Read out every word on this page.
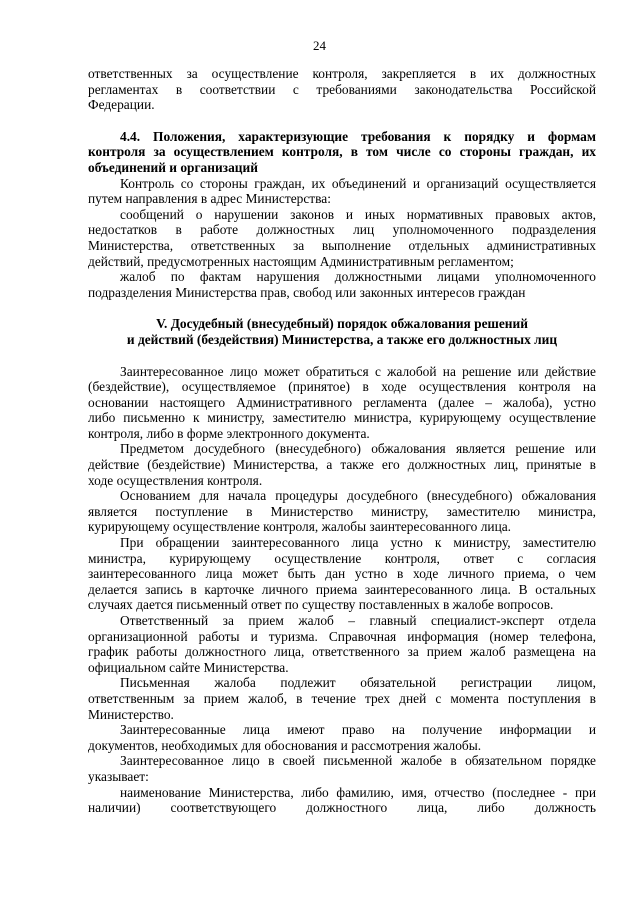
24
ответственных за осуществление контроля, закрепляется в их должностных
регламентах в соответствии с требованиями законодательства Российской
Федерации.
4.4. Положения, характеризующие требования к порядку и формам
контроля за осуществлением контроля, в том числе со стороны граждан, их
объединений и организаций
Контроль со стороны граждан, их объединений и организаций осуществляется
путем направления в адрес Министерства:
сообщений о нарушении законов и иных нормативных правовых актов,
недостатков в работе должностных лиц уполномоченного подразделения
Министерства, ответственных за выполнение отдельных административных
действий, предусмотренных настоящим Административным регламентом;
жалоб по фактам нарушения должностными лицами уполномоченного
подразделения Министерства прав, свобод или законных интересов граждан
V. Досудебный (внесудебный) порядок обжалования решений
и действий (бездействия) Министерства, а также его должностных лиц
Заинтересованное лицо может обратиться с жалобой на решение или действие
(бездействие), осуществляемое (принятое) в ходе осуществления контроля на
основании настоящего Административного регламента (далее – жалоба), устно
либо письменно к министру, заместителю министра, курирующему осуществление
контроля, либо в форме электронного документа.
Предметом досудебного (внесудебного) обжалования является решение или
действие (бездействие) Министерства, а также его должностных лиц, принятые в
ходе осуществления контроля.
Основанием для начала процедуры досудебного (внесудебного) обжалования
является поступление в Министерство министру, заместителю министра,
курирующему осуществление контроля, жалобы заинтересованного лица.
При обращении заинтересованного лица устно к министру, заместителю
министра, курирующему осуществление контроля, ответ с согласия
заинтересованного лица может быть дан устно в ходе личного приема, о чем
делается запись в карточке личного приема заинтересованного лица. В остальных
случаях дается письменный ответ по существу поставленных в жалобе вопросов.
Ответственный за прием жалоб – главный специалист-эксперт отдела
организационной работы и туризма. Справочная информация (номер телефона,
график работы должностного лица, ответственного за прием жалоб размещена на
официальном сайте Министерства.
Письменная жалоба подлежит обязательной регистрации лицом,
ответственным за прием жалоб, в течение трех дней с момента поступления в
Министерство.
Заинтересованные лица имеют право на получение информации и
документов, необходимых для обоснования и рассмотрения жалобы.
Заинтересованное лицо в своей письменной жалобе в обязательном порядке
указывает:
наименование Министерства, либо фамилию, имя, отчество (последнее - при
наличии) соответствующего должностного лица, либо должность
